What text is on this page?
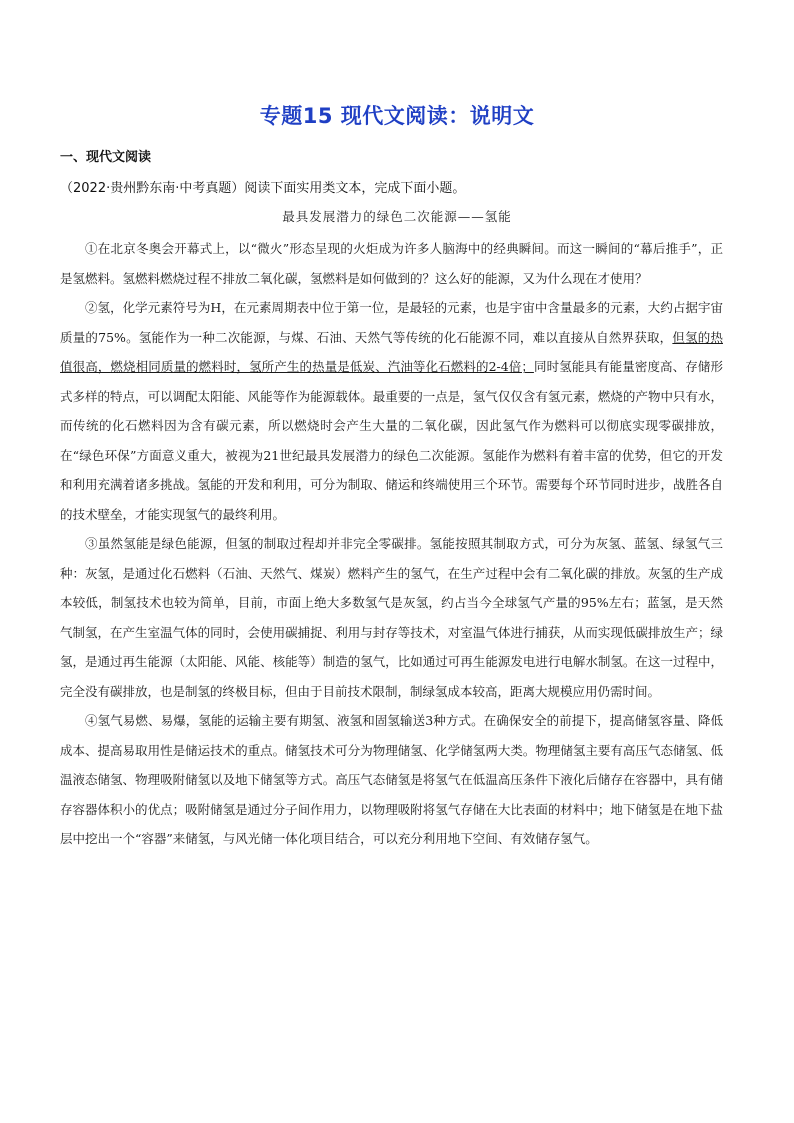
专题15 现代文阅读：说明文
一、现代文阅读
（2022·贵州黔东南·中考真题）阅读下面实用类文本，完成下面小题。
最具发展潜力的绿色二次能源——氢能

①在北京冬奥会开幕式上，以“微火”形态呈现的火炬成为许多人脑海中的经典瞬间。而这一瞬间的“幕后推手”，正是氢燃料。氢燃料燃烧过程不排放二氧化碳，氢燃料是如何做到的？这么好的能源，又为什么现在才使用？

②氢，化学元素符号为H，在元素周期表中位于第一位，是最轻的元素，也是宇宙中含量最多的元素，大约占据宇宙质量的75%。氢能作为一种二次能源，与煤、石油、天然气等传统的化石能源不同，难以直接从自然界获取，但氢的热值很高，燃烧相同质量的燃料时，氢所产生的热量是低炭、汽油等化石燃料的2-4倍；同时氢能具有能量密度高、存储形式多样的特点，可以调配太阳能、风能等作为能源载体。最重要的一点是，氢气仅仅含有氢元素，燃烧的产物中只有水，而传统的化石燃料因为含有碳元素，所以燃烧时会产生大量的二氧化碳，因此氢气作为燃料可以彻底实现零碳排放，在“绿色环保”方面意义重大，被视为21世纪最具发展潜力的绿色二次能源。氢能作为燃料有着丰富的优势，但它的开发和利用充满着诸多挑战。氢能的开发和利用，可分为制取、储运和终端使用三个环节。需要每个环节同时进步，战胜各自的技术壁垒，才能实现氢气的最终利用。

③虽然氢能是绿色能源，但氢的制取过程却并非完全零碳排。氢能按照其制取方式，可分为灰氢、蓝氢、绿氢气三种：灰氢，是通过化石燃料（石油、天然气、煤炭）燃料产生的氢气，在生产过程中会有二氧化碳的排放。灰氢的生产成本较低，制氢技术也较为简单，目前，市面上绝大多数氢气是灰氢，约占当今全球氢气产量的95%左右；蓝氢，是天然气制氢，在产生室温气体的同时，会使用碳捕捉、利用与封存等技术，对室温气体进行捕获，从而实现低碳排放生产；绿氢，是通过再生能源（太阳能、风能、核能等）制造的氢气，比如通过可再生能源发电进行电解水制氢。在这一过程中，完全没有碳排放，也是制氢的终极目标，但由于目前技术限制，制绿氢成本较高，距离大规模应用仍需时间。

④氢气易燃、易爆，氢能的运输主要有期氢、液氢和固氢输送3种方式。在确保安全的前提下，提高储氢容量、降低成本、提高易取用性是储运技术的重点。储氢技术可分为物理储氢、化学储氢两大类。物理储氢主要有高压气态储氢、低温液态储氢、物理吸附储氢以及地下储氢等方式。高压气态储氢是将氢气在低温高压条件下液化后储存在容器中，具有储存容器体积小的优点；吸附储氢是通过分子间作用力，以物理吸附将氢气存储在大比表面的材料中；地下储氢是在地下盐层中挖出一个“容器”来储氢，与风光储一体化项目结合，可以充分利用地下空间、有效储存氢气。
